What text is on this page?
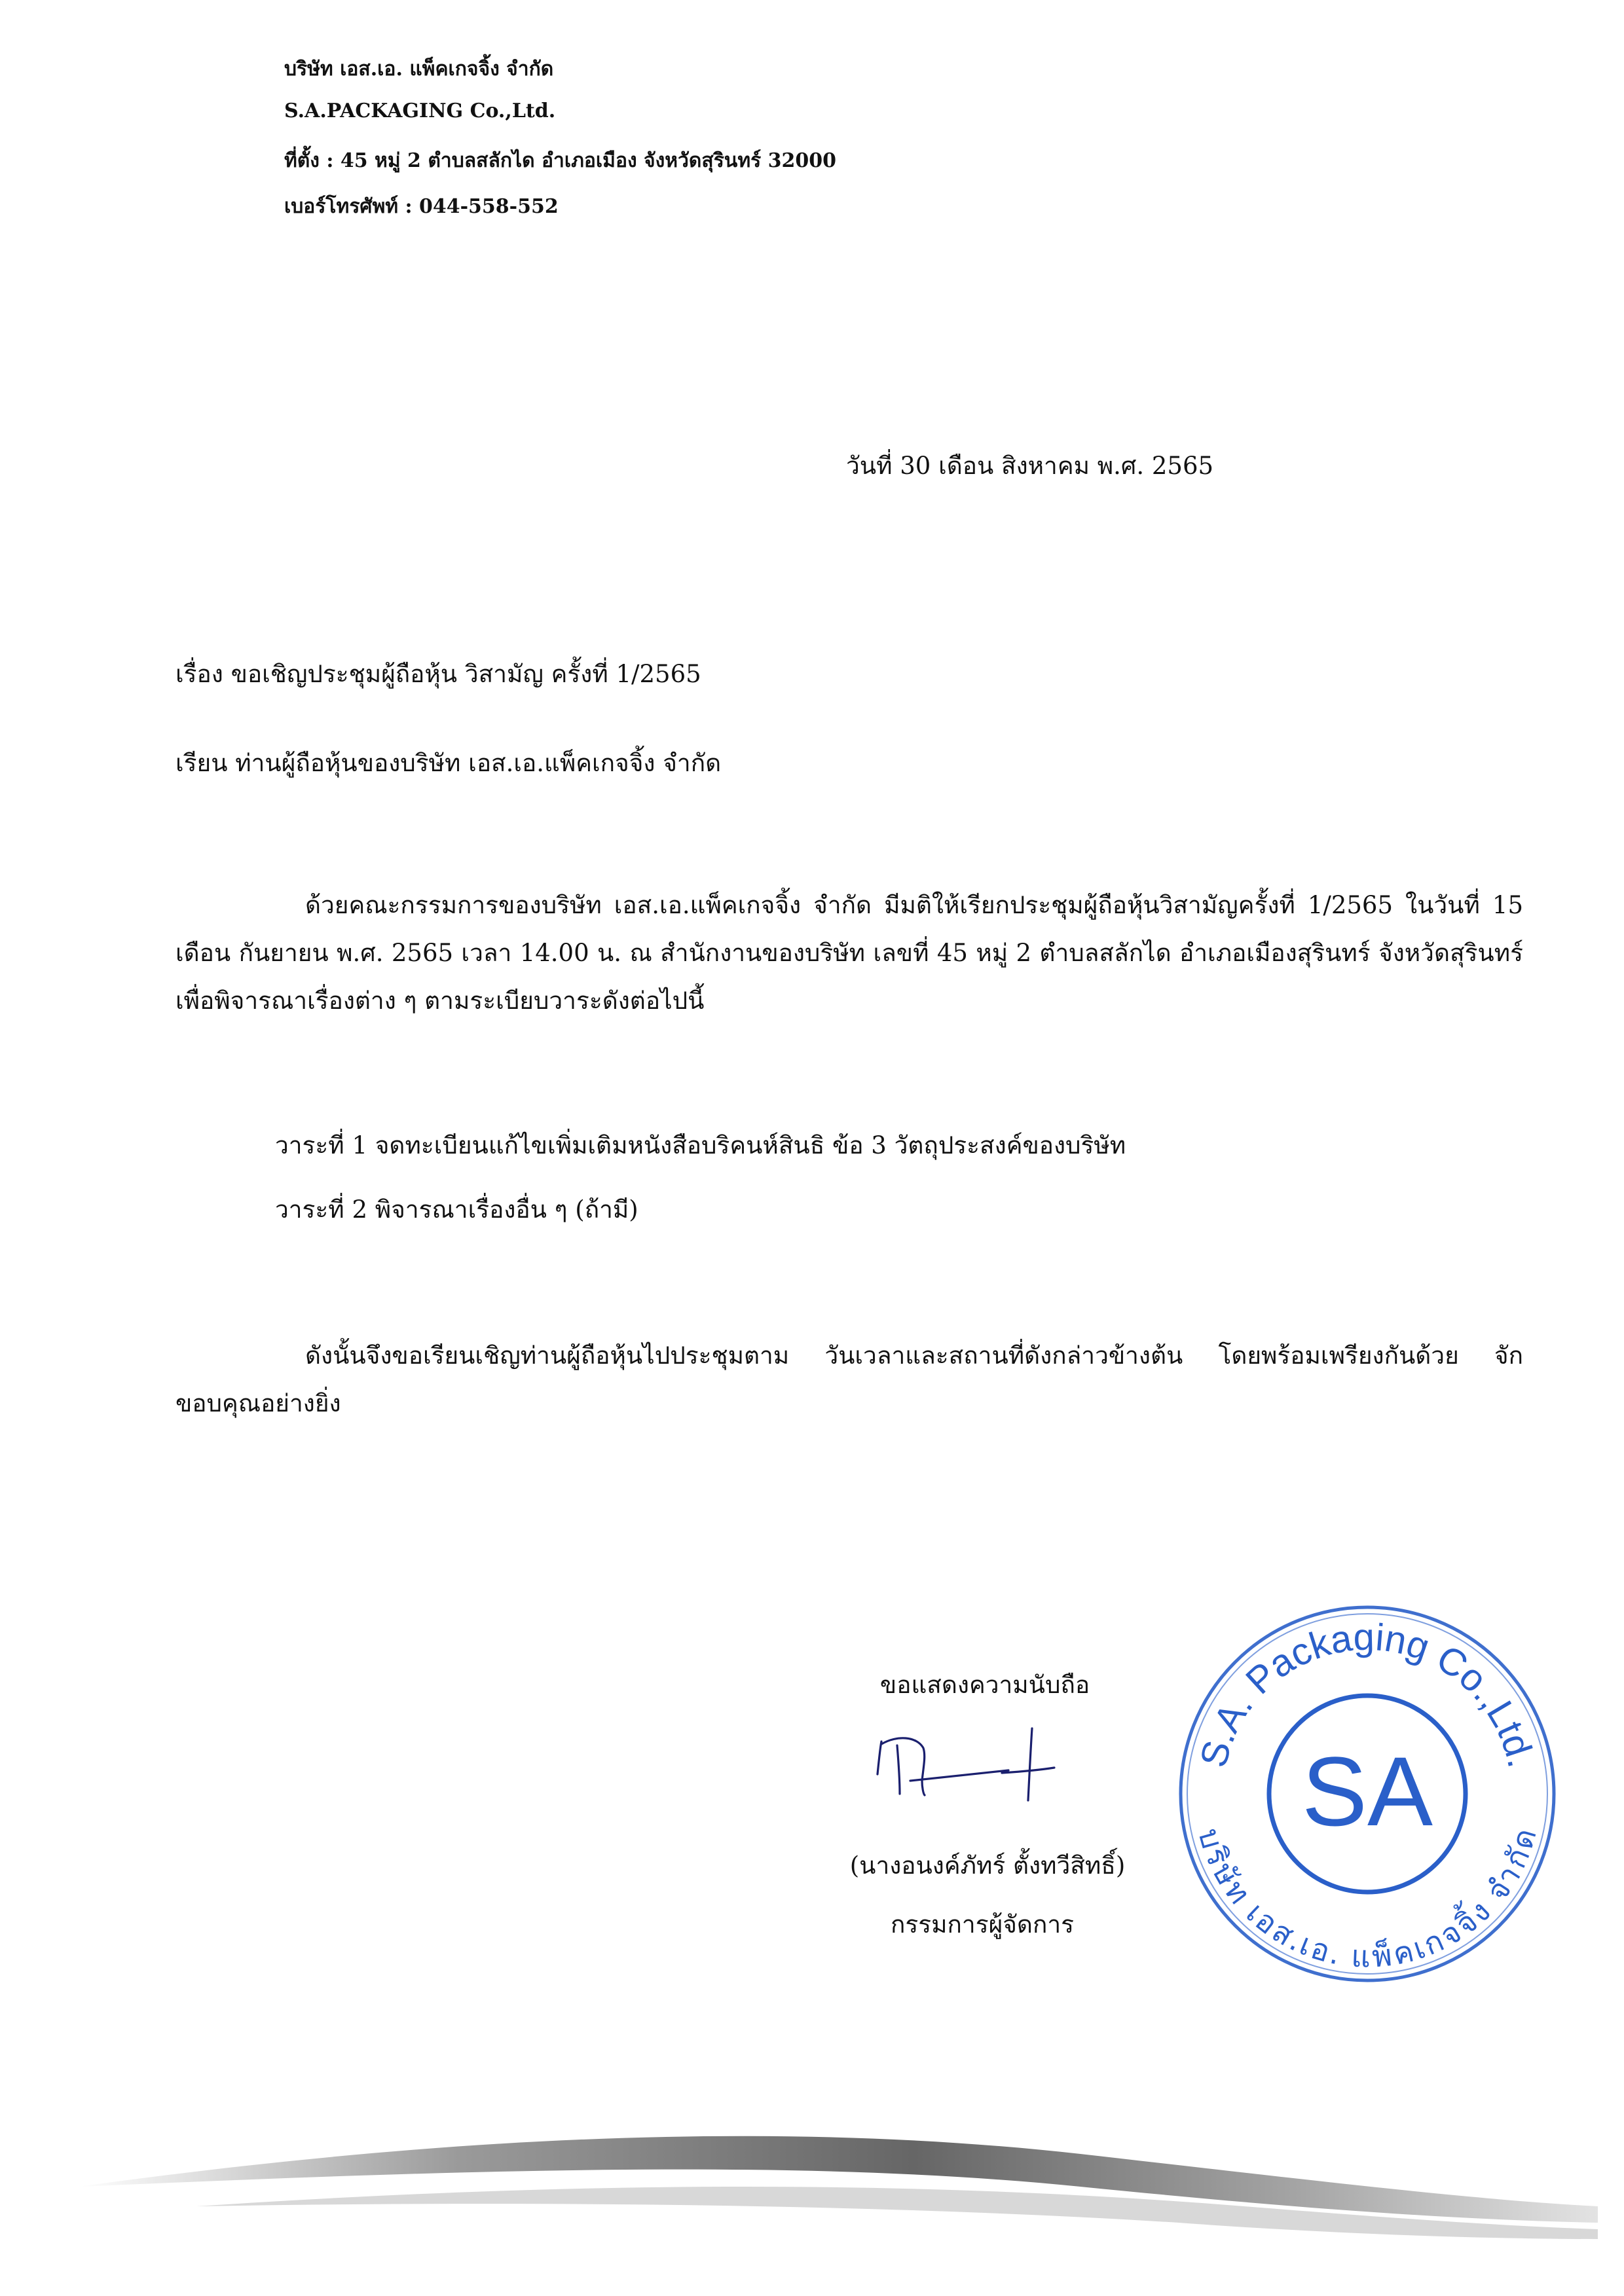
บริษัท เอส.เอ. แพ็คเกจจิ้ง จำกัด
S.A.PACKAGING Co.,Ltd.
ที่ตั้ง : 45 หมู่ 2 ตำบลสลักได อำเภอเมือง จังหวัดสุรินทร์ 32000
เบอร์โทรศัพท์ : 044-558-552
วันที่ 30 เดือน สิงหาคม พ.ศ. 2565
เรื่อง ขอเชิญประชุมผู้ถือหุ้น วิสามัญ ครั้งที่ 1/2565
เรียน ท่านผู้ถือหุ้นของบริษัท เอส.เอ.แพ็คเกจจิ้ง จำกัด
ด้วยคณะกรรมการของบริษัท เอส.เอ.แพ็คเกจจิ้ง จำกัด มีมติให้เรียกประชุมผู้ถือหุ้นวิสามัญครั้งที่ 1/2565 ในวันที่ 15 เดือน กันยายน พ.ศ. 2565 เวลา 14.00 น. ณ สำนักงานของบริษัท เลขที่ 45 หมู่ 2 ตำบลสลักได อำเภอเมืองสุรินทร์ จังหวัดสุรินทร์ เพื่อพิจารณาเรื่องต่าง ๆ ตามระเบียบวาระดังต่อไปนี้
วาระที่ 1 จดทะเบียนแก้ไขเพิ่มเติมหนังสือบริคนห์สินธิ ข้อ 3 วัตถุประสงค์ของบริษัท
วาระที่ 2 พิจารณาเรื่องอื่น ๆ (ถ้ามี)
ดังนั้นจึงขอเรียนเชิญท่านผู้ถือหุ้นไปประชุมตาม วันเวลาและสถานที่ดังกล่าวข้างต้น โดยพร้อมเพรียงกันด้วย จักขอบคุณอย่างยิ่ง
ขอแสดงความนับถือ
(นางอนงค์ภัทร์ ตั้งทวีสิทธิ์)
กรรมการผู้จัดการ
S.A. Packaging Co.,Ltd.
SA
บริษัท เอส.เอ. แพ็คเกจจิ้ง จำกัด
